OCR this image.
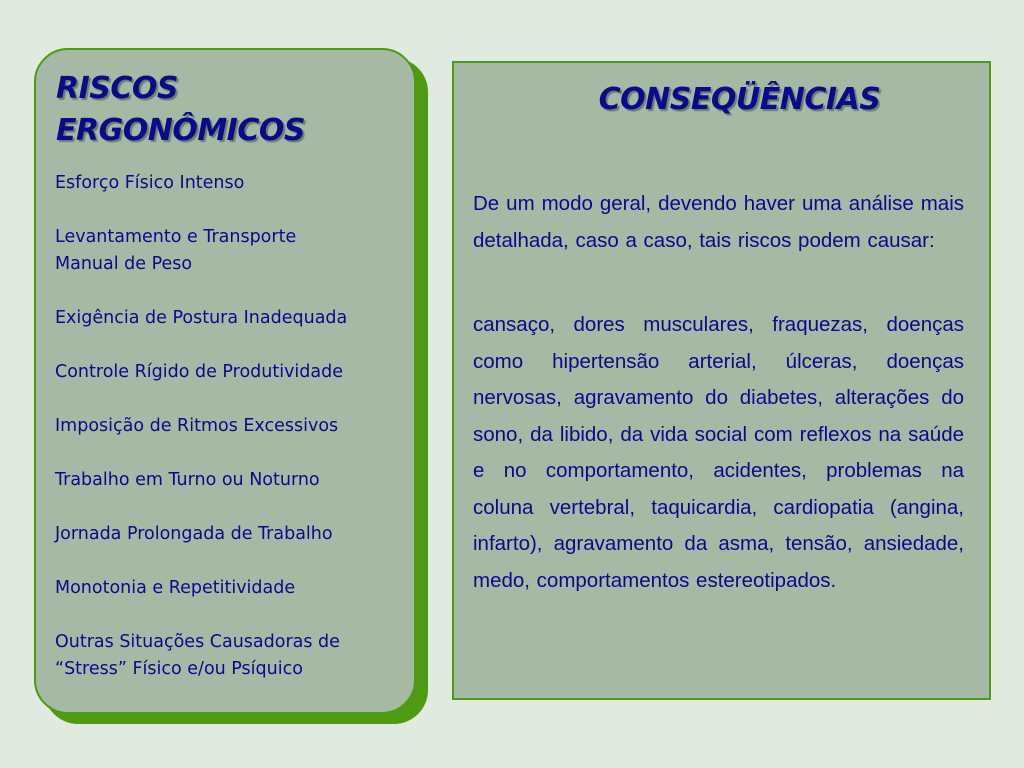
RISCOS
ERGONÔMICOS
Esforço Físico Intenso
Levantamento e Transporte
Manual de Peso
Exigência de Postura Inadequada
Controle Rígido de Produtividade
Imposição de Ritmos Excessivos
Trabalho em Turno ou Noturno
Jornada Prolongada de Trabalho
Monotonia e Repetitividade
Outras Situações Causadoras de
“Stress” Físico e/ou Psíquico
CONSEQÜÊNCIAS

De um modo geral, devendo haver uma análise mais detalhada, caso a caso, tais riscos podem causar:

cansaço, dores musculares, fraquezas, doenças como hipertensão arterial, úlceras, doenças nervosas, agravamento do diabetes, alterações do sono, da libido, da vida social com reflexos na saúde e no comportamento, acidentes, problemas na coluna vertebral, taquicardia, cardiopatia (angina, infarto), agravamento da asma, tensão, ansiedade, medo, comportamentos estereotipados.
